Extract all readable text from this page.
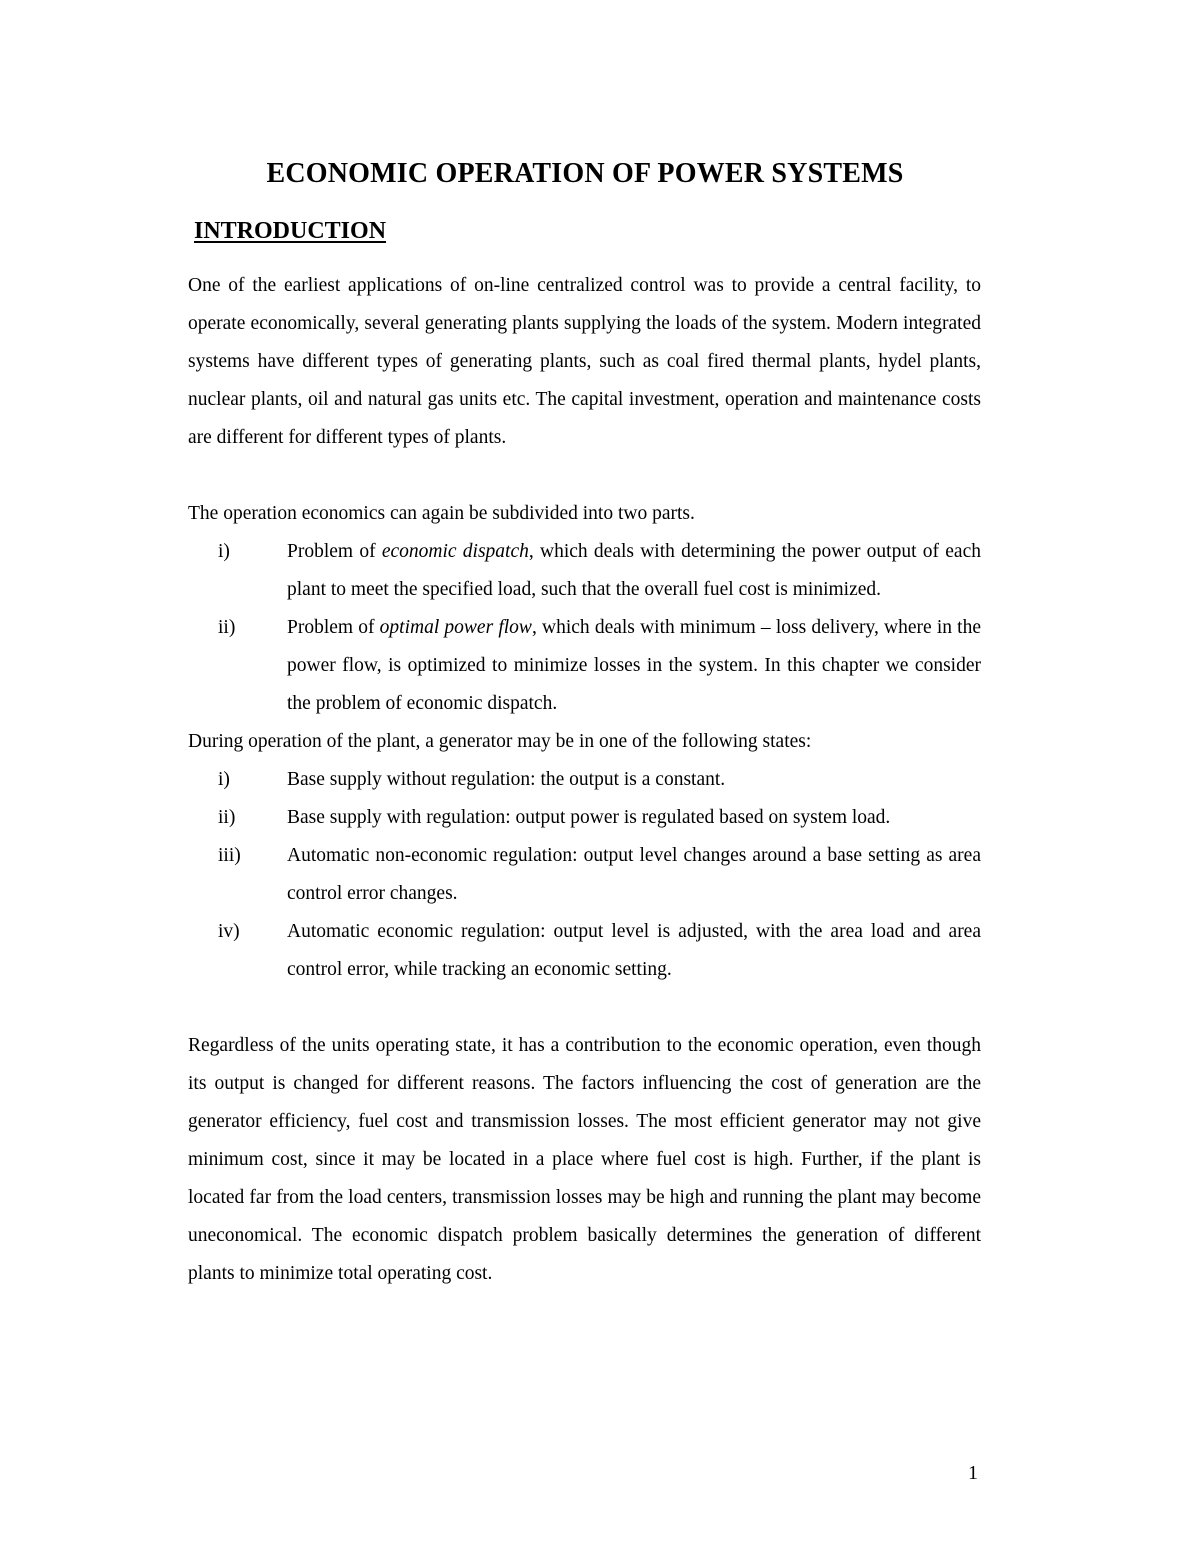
ECONOMIC OPERATION OF POWER SYSTEMS
INTRODUCTION

One of the earliest applications of on-line centralized control was to provide a central facility, to operate economically, several generating plants supplying the loads of the system. Modern integrated systems have different types of generating plants, such as coal fired thermal plants, hydel plants, nuclear plants, oil and natural gas units etc. The capital investment, operation and maintenance costs are different for different types of plants.

The operation economics can again be subdivided into two parts.

i)	Problem of economic dispatch, which deals with determining the power output of each plant to meet the specified load, such that the overall fuel cost is minimized.
ii)	Problem of optimal power flow, which deals with minimum – loss delivery, where in the power flow, is optimized to minimize losses in the system. In this chapter we consider the problem of economic dispatch.

During operation of the plant, a generator may be in one of the following states:

i)	Base supply without regulation: the output is a constant.
ii)	Base supply with regulation: output power is regulated based on system load.
iii)	Automatic non-economic regulation: output level changes around a base setting as area control error changes.
iv)	Automatic economic regulation: output level is adjusted, with the area load and area control error, while tracking an economic setting.

Regardless of the units operating state, it has a contribution to the economic operation, even though its output is changed for different reasons. The factors influencing the cost of generation are the generator efficiency, fuel cost and transmission losses. The most efficient generator may not give minimum cost, since it may be located in a place where fuel cost is high. Further, if the plant is located far from the load centers, transmission losses may be high and running the plant may become uneconomical. The economic dispatch problem basically determines the generation of different plants to minimize total operating cost.

1
